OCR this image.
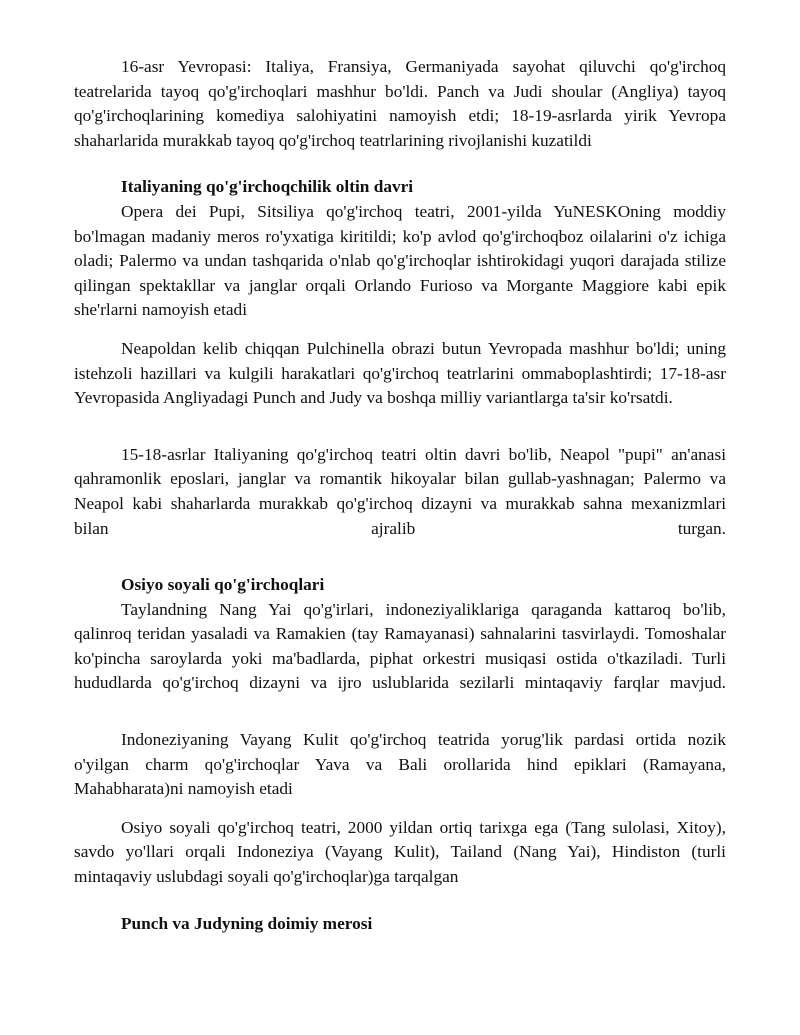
16-asr Yevropasi: Italiya, Fransiya, Germaniyada sayohat qiluvchi qo'g'irchoq teatrelarida tayoq qo'g'irchoqlari mashhur bo'ldi. Panch va Judi shoular (Angliya) tayoq qo'g'irchoqlarining komediya salohiyatini namoyish etdi; 18-19-asrlarda yirik Yevropa shaharlarida murakkab tayoq qo'g'irchoq teatrlarining rivojlanishi kuzatildi

Italiyaning qo'g'irchoqchilik oltin davri

Opera dei Pupi, Sitsiliya qo'g'irchoq teatri, 2001-yilda YuNESKOning moddiy bo'lmagan madaniy meros ro'yxatiga kiritildi; ko'p avlod qo'g'irchoqboz oilalarini o'z ichiga oladi; Palermo va undan tashqarida o'nlab qo'g'irchoqlar ishtirokidagi yuqori darajada stilize qilingan spektakllar va janglar orqali Orlando Furioso va Morgante Maggiore kabi epik she'rlarni namoyish etadi

Neapoldan kelib chiqqan Pulchinella obrazi butun Yevropada mashhur bo'ldi; uning istehzoli hazillari va kulgili harakatlari qo'g'irchoq teatrlarini ommaboplashtirdi; 17-18-asr Yevropasida Angliyadagi Punch and Judy va boshqa milliy variantlarga ta'sir ko'rsatdi.

15-18-asrlar Italiyaning qo'g'irchoq teatri oltin davri bo'lib, Neapol "pupi" an'anasi qahramonlik eposlari, janglar va romantik hikoyalar bilan gullab-yashnagan; Palermo va Neapol kabi shaharlarda murakkab qo'g'irchoq dizayni va murakkab sahna mexanizmlari bilan ajralib turgan.

Osiyo soyali qo'g'irchoqlari

Taylandning Nang Yai qo'g'irlari, indoneziyaliklariga qaraganda kattaroq bo'lib, qalinroq teridan yasaladi va Ramakien (tay Ramayanasi) sahnalarini tasvirlaydi. Tomoshalar ko'pincha saroylarda yoki ma'badlarda, piphat orkestri musiqasi ostida o'tkaziladi. Turli hududlarda qo'g'irchoq dizayni va ijro uslublarida sezilarli mintaqaviy farqlar mavjud.

Indoneziyaning Vayang Kulit qo'g'irchoq teatrida yorug'lik pardasi ortida nozik o'yilgan charm qo'g'irchoqlar Yava va Bali orollarida hind epiklari (Ramayana, Mahabharata)ni namoyish etadi

Osiyo soyali qo'g'irchoq teatri, 2000 yildan ortiq tarixga ega (Tang sulolasi, Xitoy), savdo yo'llari orqali Indoneziya (Vayang Kulit), Tailand (Nang Yai), Hindiston (turli mintaqaviy uslubdagi soyali qo'g'irchoqlar)ga tarqalgan

Punch va Judyning doimiy merosi
